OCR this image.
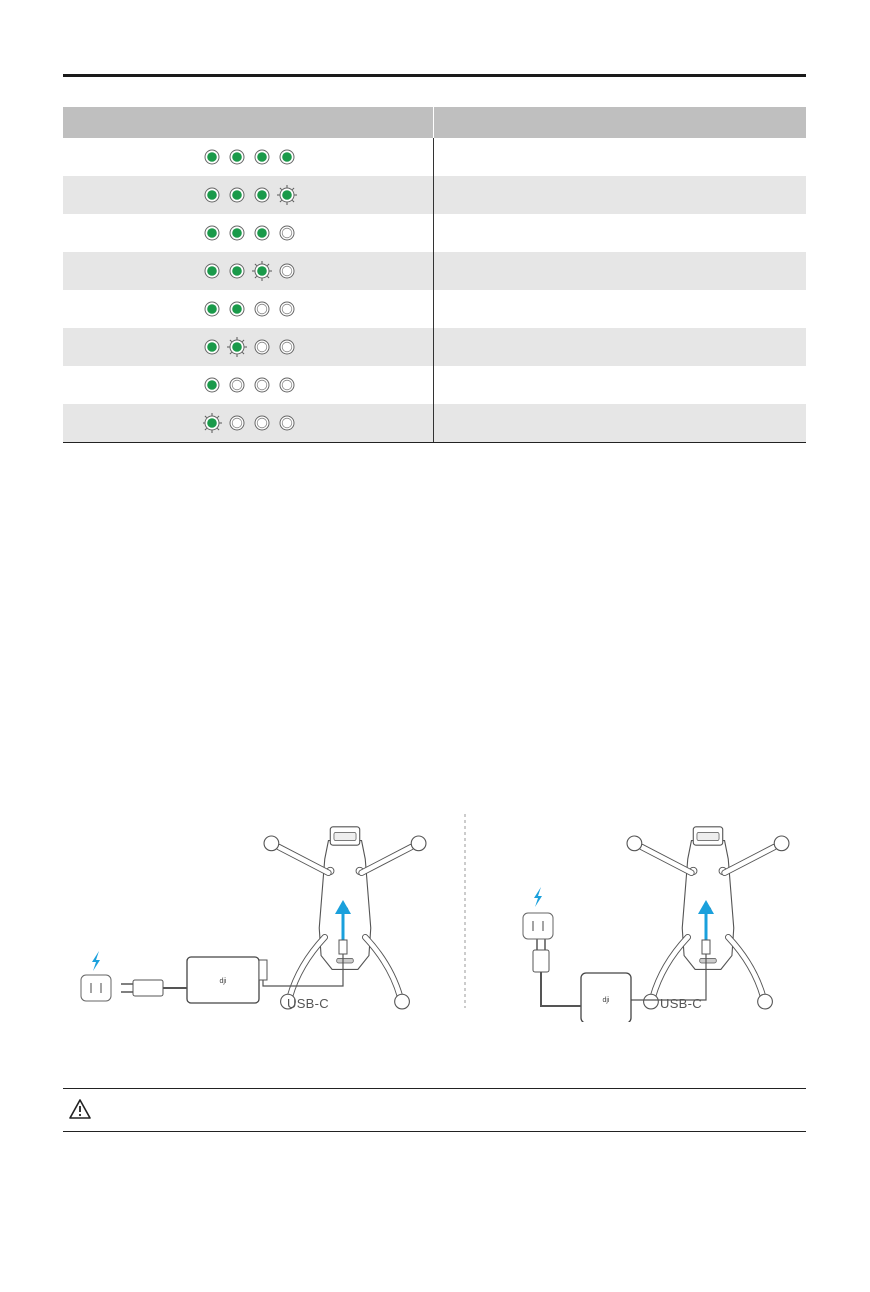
dji
dji
USB-C	USB-C
